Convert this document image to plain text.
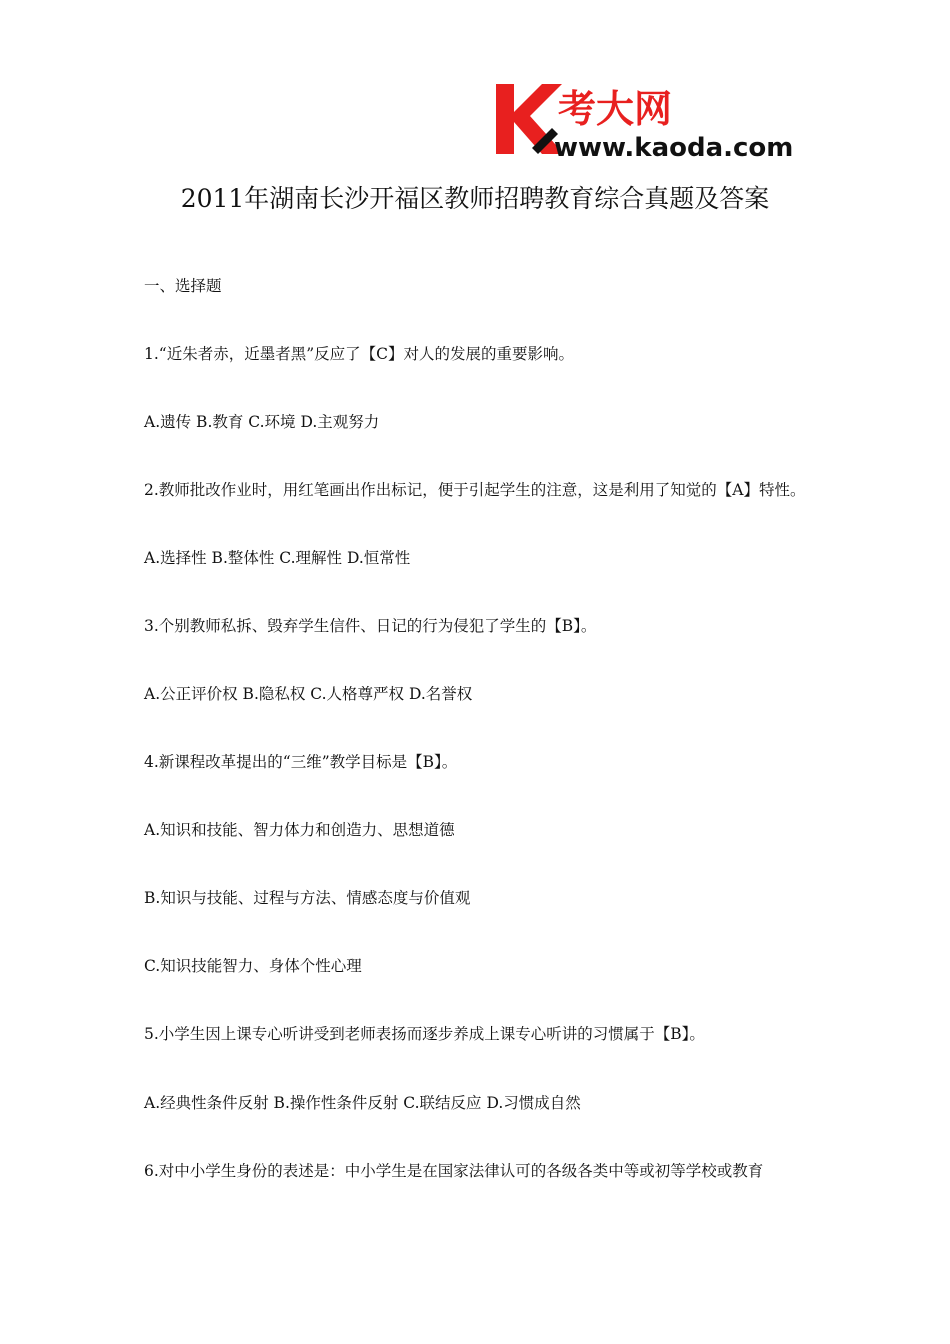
考大网
www.kaoda.com
2011年湖南长沙开福区教师招聘教育综合真题及答案
一、选择题
1.“近朱者赤，近墨者黑”反应了【C】对人的发展的重要影响。
A.遗传 B.教育 C.环境 D.主观努力
2.教师批改作业时，用红笔画出作出标记，便于引起学生的注意，这是利用了知觉的【A】特性。
A.选择性 B.整体性 C.理解性 D.恒常性
3.个别教师私拆、毁弃学生信件、日记的行为侵犯了学生的【B】。
A.公正评价权 B.隐私权 C.人格尊严权 D.名誉权
4.新课程改革提出的“三维”教学目标是【B】。
A.知识和技能、智力体力和创造力、思想道德
B.知识与技能、过程与方法、情感态度与价值观
C.知识技能智力、身体个性心理
5.小学生因上课专心听讲受到老师表扬而逐步养成上课专心听讲的习惯属于【B】。
A.经典性条件反射 B.操作性条件反射 C.联结反应 D.习惯成自然
6.对中小学生身份的表述是：中小学生是在国家法律认可的各级各类中等或初等学校或教育
